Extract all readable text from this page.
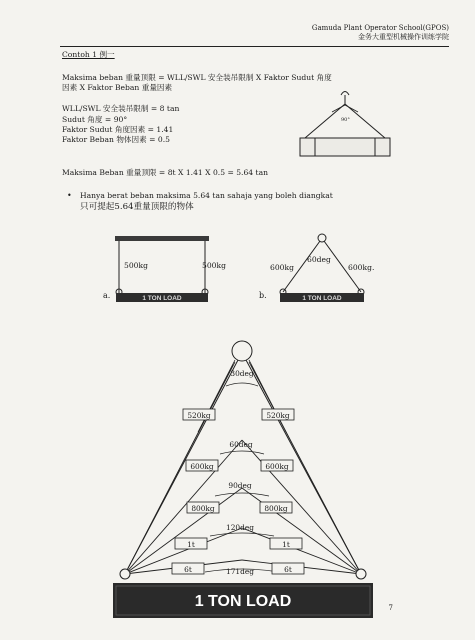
Gamuda Plant Operator School(GPOS)
金务大重型机械操作训练学院
Contoh 1 例一
Maksima beban 重量顶限 = WLL/SWL 安全装吊限制 X Faktor Sudut 角度
因素 X Faktor Beban 重量因素
WLL/SWL 安全装吊限制 = 8 tan
Sudut 角度 = 90°
Faktor Sudut 角度因素 = 1.41
Faktor Beban 物体因素 = 0.5
Maksima Beban 重量顶限 = 8t X 1.41 X 0.5 = 5.64 tan
• Hanya berat beban maksima 5.64 tan sahaja yang boleh diangkat
只可提起5.64重量顶限的物体
90°
1 TON LOAD
500kg	500kg
a.	1 TON LOAD
60deg
600kg	600kg.
b.
1 TON LOAD
30deg
520kg	520kg
60deg
600kg	600kg
90deg
800kg	800kg
120deg
1t	1t
171deg
6t	6t
7
